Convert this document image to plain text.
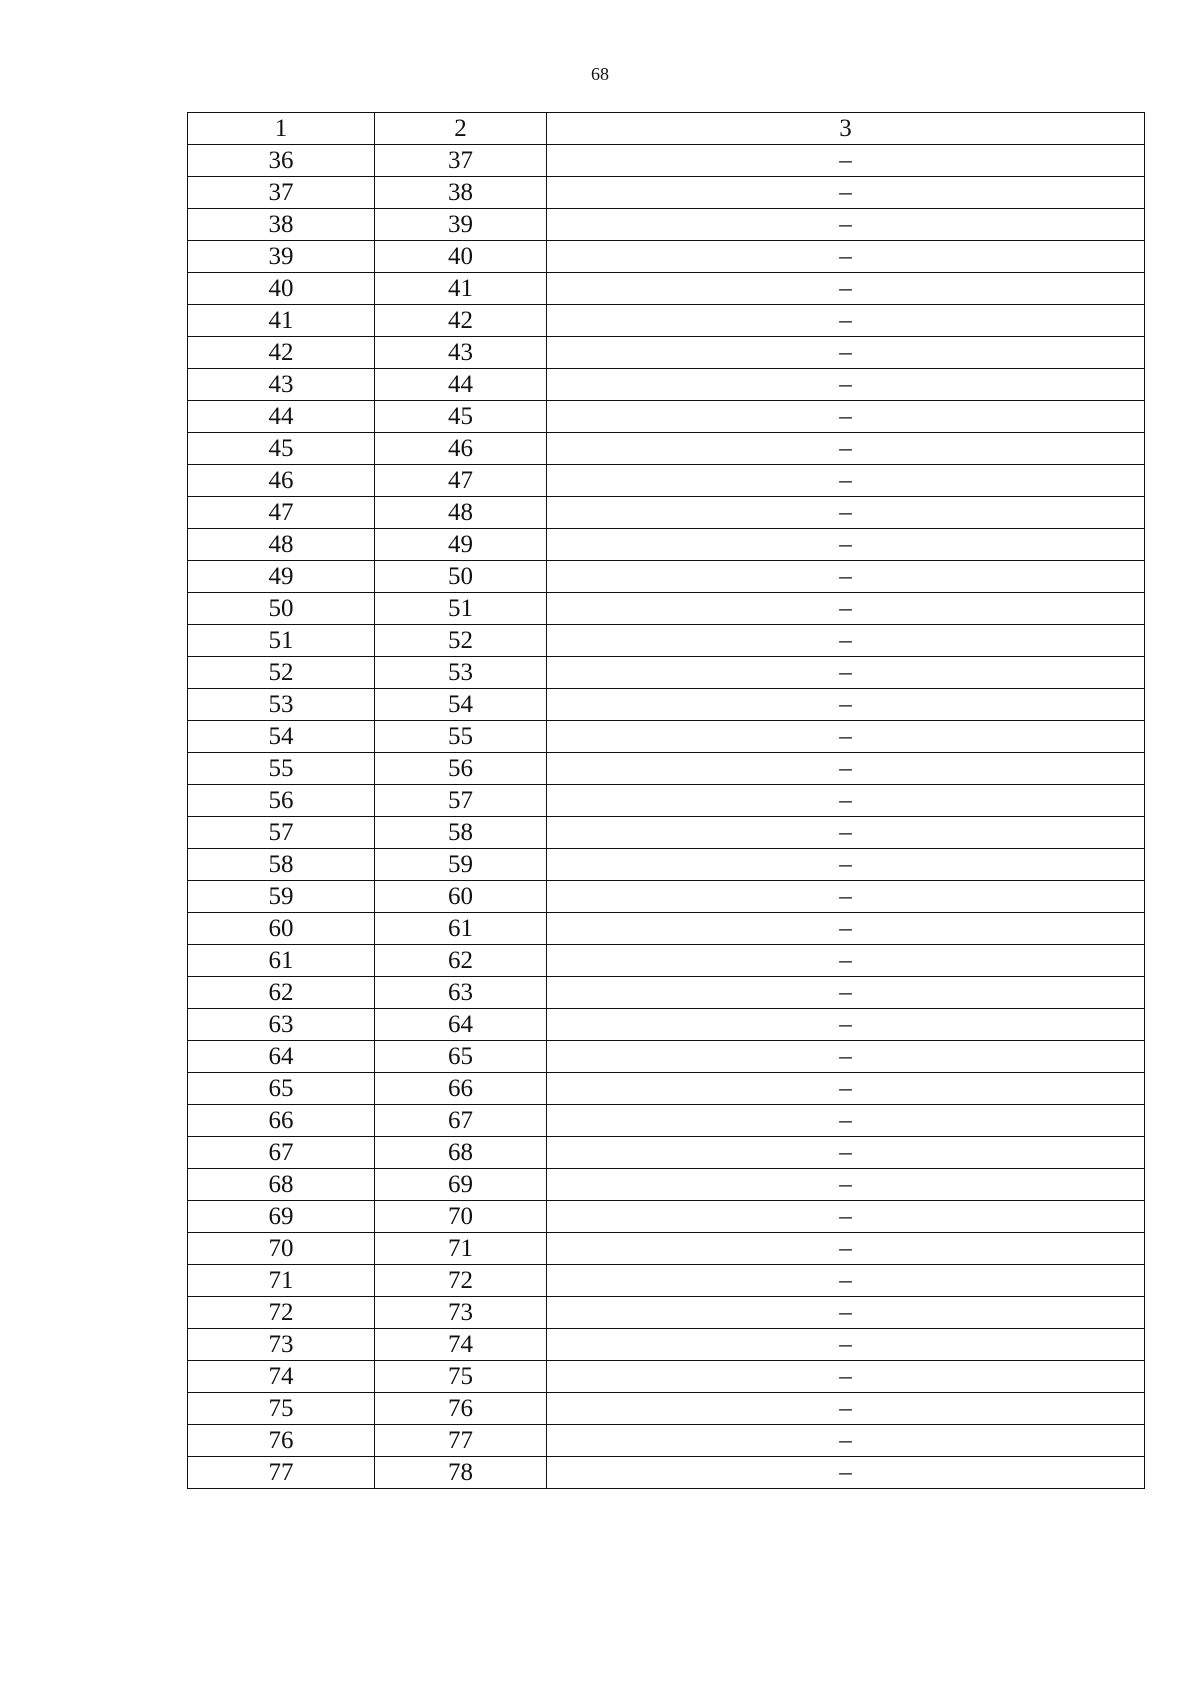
68
1	2	3
36	37	–
37	38	–
38	39	–
39	40	–
40	41	–
41	42	–
42	43	–
43	44	–
44	45	–
45	46	–
46	47	–
47	48	–
48	49	–
49	50	–
50	51	–
51	52	–
52	53	–
53	54	–
54	55	–
55	56	–
56	57	–
57	58	–
58	59	–
59	60	–
60	61	–
61	62	–
62	63	–
63	64	–
64	65	–
65	66	–
66	67	–
67	68	–
68	69	–
69	70	–
70	71	–
71	72	–
72	73	–
73	74	–
74	75	–
75	76	–
76	77	–
77	78	–
